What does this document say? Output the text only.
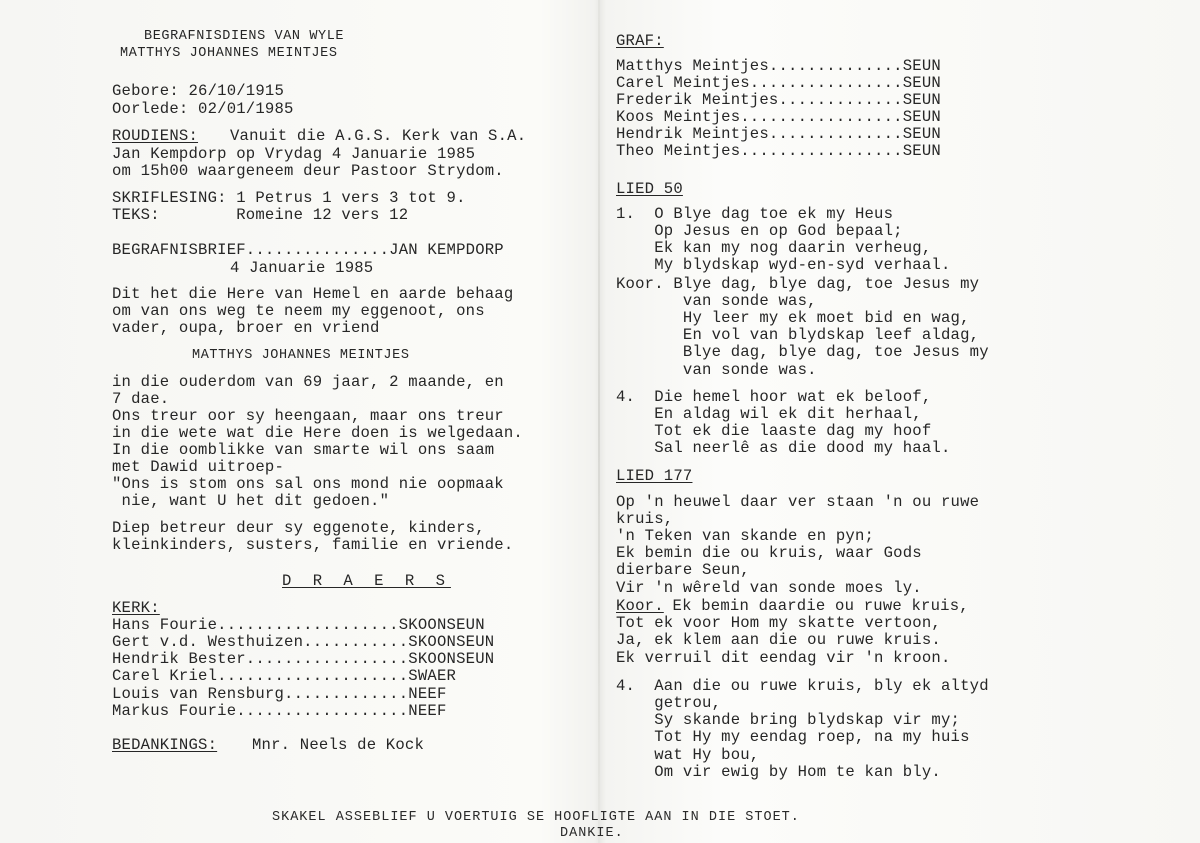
BEGRAFNISDIENS VAN WYLE
MATTHYS JOHANNES MEINTJES
Gebore: 26/10/1915
Oorlede: 02/01/1985
ROUDIENS: Vanuit die A.G.S. Kerk van S.A.
Jan Kempdorp op Vrydag 4 Januarie 1985
om 15h00 waargeneem deur Pastoor Strydom.
SKRIFLESING: 1 Petrus 1 vers 3 tot 9.
TEKS:        Romeine 12 vers 12
BEGRAFNISBRIEF...............JAN KEMPDORP
4 Januarie 1985
Dit het die Here van Hemel en aarde behaag
om van ons weg te neem my eggenoot, ons
vader, oupa, broer en vriend
MATTHYS JOHANNES MEINTJES
in die ouderdom van 69 jaar, 2 maande, en
7 dae.
Ons treur oor sy heengaan, maar ons treur
in die wete wat die Here doen is welgedaan.
In die oomblikke van smarte wil ons saam
met Dawid uitroep-
"Ons is stom ons sal ons mond nie oopmaak
nie, want U het dit gedoen."
Diep betreur deur sy eggenote, kinders,
kleinkinders, susters, familie en vriende.
D R A E R S
KERK:
Hans Fourie...................SKOONSEUN
Gert v.d. Westhuizen...........SKOONSEUN
Hendrik Bester.................SKOONSEUN
Carel Kriel....................SWAER
Louis van Rensburg.............NEEF
Markus Fourie..................NEEF
BEDANKINGS: Mnr. Neels de Kock
GRAF:
Matthys Meintjes..............SEUN
Carel Meintjes................SEUN
Frederik Meintjes.............SEUN
Koos Meintjes.................SEUN
Hendrik Meintjes..............SEUN
Theo Meintjes.................SEUN
LIED 50
1.  O Blye dag toe ek my Heus
Op Jesus en op God bepaal;
Ek kan my nog daarin verheug,
My blydskap wyd-en-syd verhaal.
Koor. Blye dag, blye dag, toe Jesus my
van sonde was,
Hy leer my ek moet bid en wag,
En vol van blydskap leef aldag,
Blye dag, blye dag, toe Jesus my
van sonde was.
4.  Die hemel hoor wat ek beloof,
En aldag wil ek dit herhaal,
Tot ek die laaste dag my hoof
Sal neerlê as die dood my haal.
LIED 177
Op 'n heuwel daar ver staan 'n ou ruwe
kruis,
'n Teken van skande en pyn;
Ek bemin die ou kruis, waar Gods
dierbare Seun,
Vir 'n wêreld van sonde moes ly.
Koor. Ek bemin daardie ou ruwe kruis,
Tot ek voor Hom my skatte vertoon,
Ja, ek klem aan die ou ruwe kruis.
Ek verruil dit eendag vir 'n kroon.
4.  Aan die ou ruwe kruis, bly ek altyd
getrou,
Sy skande bring blydskap vir my;
Tot Hy my eendag roep, na my huis
wat Hy bou,
Om vir ewig by Hom te kan bly.
SKAKEL ASSEBLIEF U VOERTUIG SE HOOFLIGTE AAN IN DIE STOET.
DANKIE.
